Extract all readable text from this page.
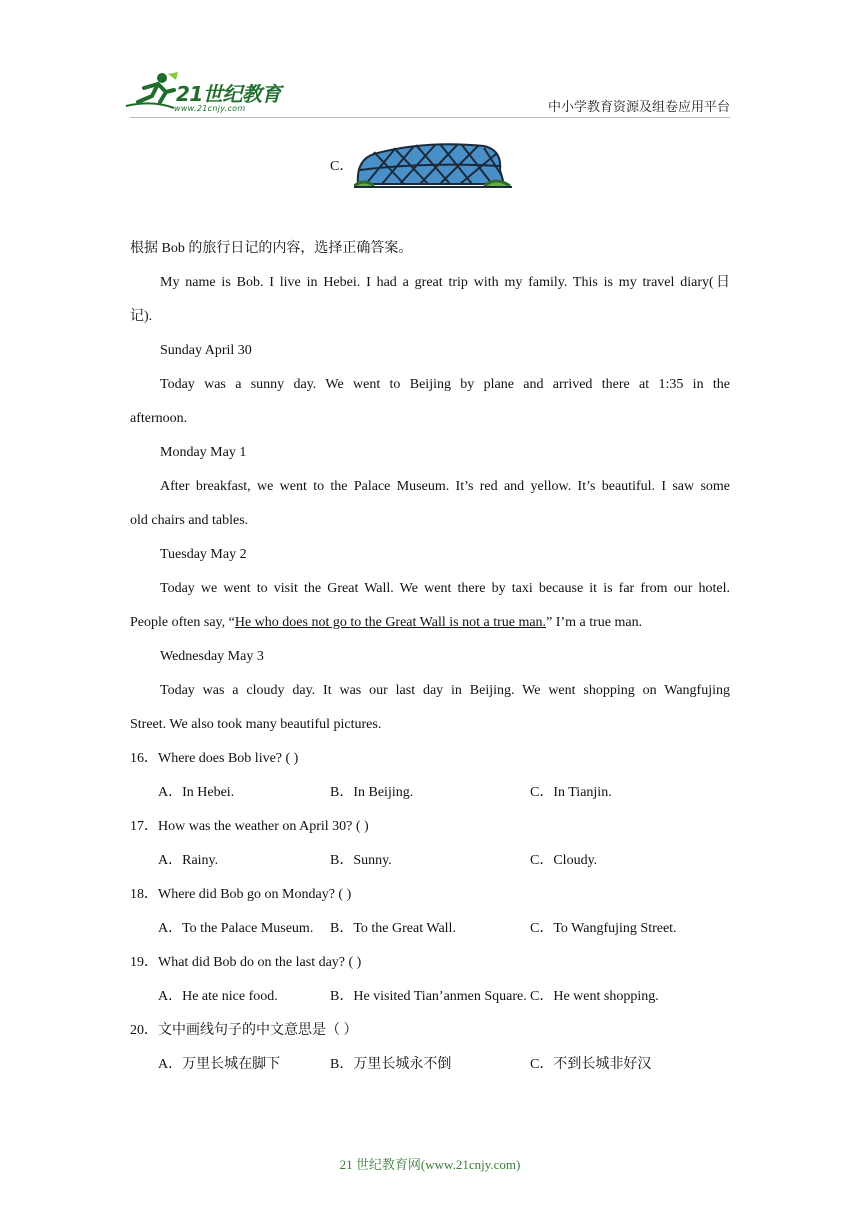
21世纪教育
www.21cnjy.com	中小学教育资源及组卷应用平台
C．
根据 Bob 的旅行日记的内容，选择正确答案。
My name is Bob. I live in Hebei. I had a great trip with my family. This is my travel diary(日
记).
Sunday April 30
Today was a sunny day. We went to Beijing by plane and arrived there at 1:35 in the
afternoon.
Monday May 1
After breakfast, we went to the Palace Museum. It’s red and yellow. It’s beautiful. I saw some
old chairs and tables.
Tuesday May 2
Today we went to visit the Great Wall. We went there by taxi because it is far from our hotel.
People often say, “He who does not go to the Great Wall is not a true man.” I’m a true man.
Wednesday May 3
Today was a cloudy day. It was our last day in Beijing. We went shopping on Wangfujing
Street. We also took many beautiful pictures.
16．Where does Bob live? ( )
A．In Hebei.	B．In Beijing.	C．In Tianjin.
17．How was the weather on April 30? ( )
A．Rainy.	B．Sunny.	C．Cloudy.
18．Where did Bob go on Monday? ( )
A．To the Palace Museum. B．To the Great Wall.	C．To Wangfujing Street.
19．What did Bob do on the last day? ( )
A．He ate nice food.	B．He visited Tian’anmen Square. C．He went shopping.
20．文中画线句子的中文意思是（ ）
A．万里长城在脚下	B．万里长城永不倒	C．不到长城非好汉
21 世纪教育网(www.21cnjy.com)
